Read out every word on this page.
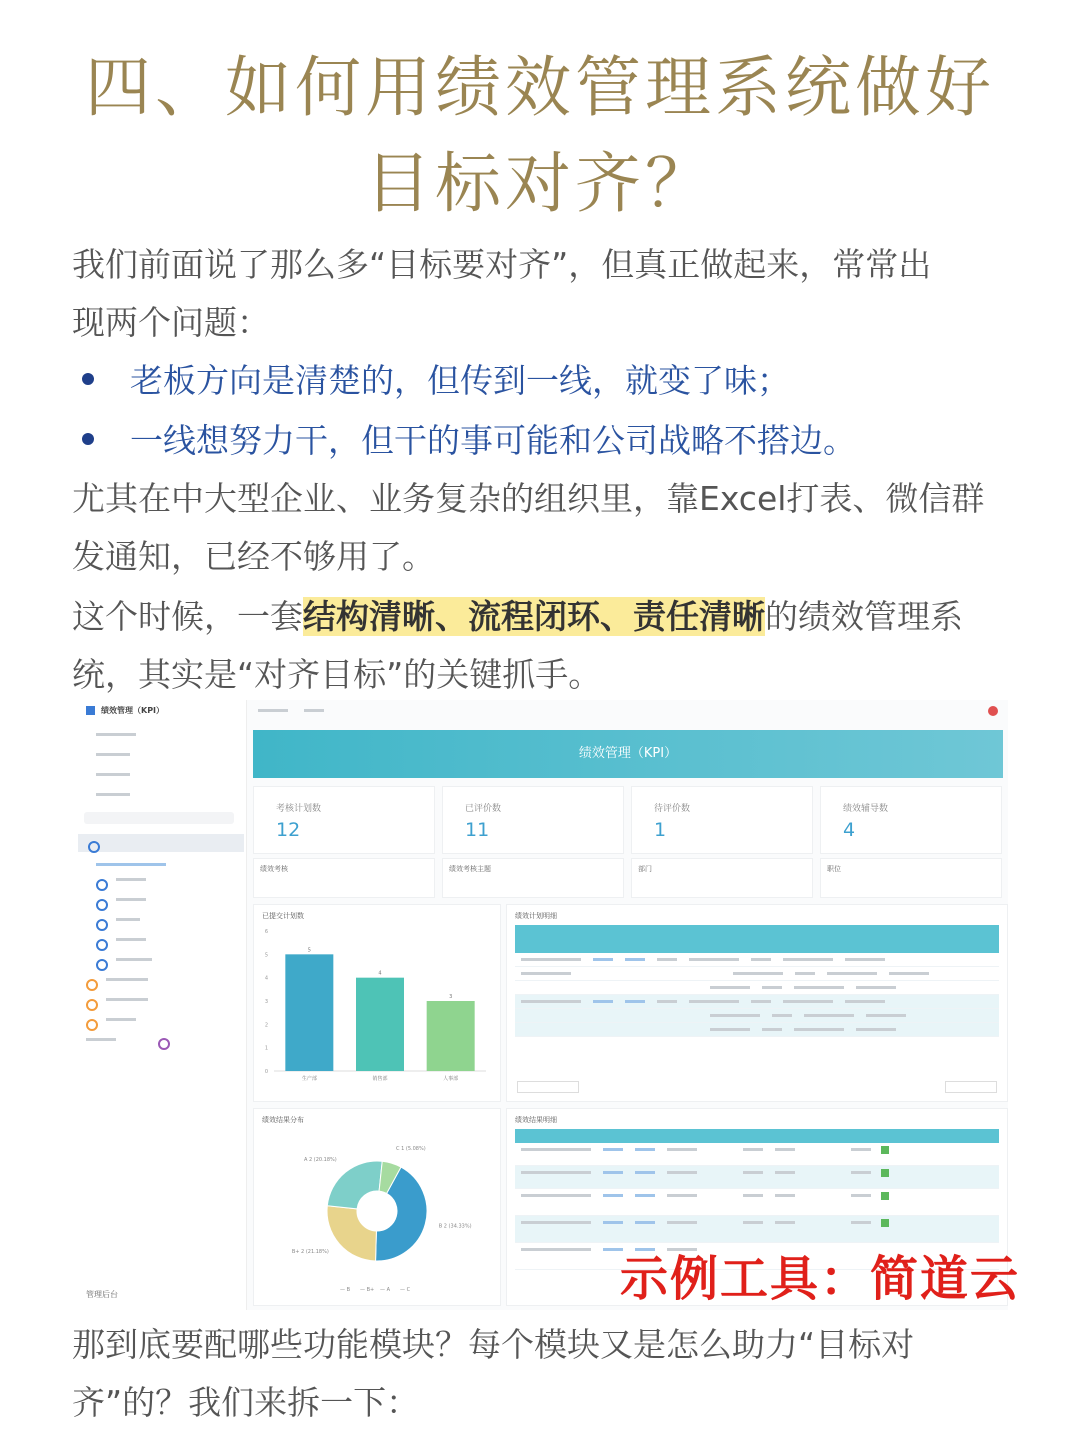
四、如何用绩效管理系统做好
目标对齐？
我们前面说了那么多“目标要对齐”，但真正做起来，常常出
现两个问题：
老板方向是清楚的，但传到一线，就变了味；
一线想努力干，但干的事可能和公司战略不搭边。
尤其在中大型企业、业务复杂的组织里，靠Excel打表、微信群
发通知，已经不够用了。
这个时候，一套结构清晰、流程闭环、责任清晰的绩效管理系
统，其实是“对齐目标”的关键抓手。
绩效管理（KPI）
管理后台
绩效管理（KPI）
考核计划数
12
已评价数
11
待评价数
1
绩效辅导数
4
绩效考核	绩效考核主题	部门	职位
已提交计划数
0
1
2
3
4
5
6
5
生产部
4
销售部
3
人事部
绩效计划明细
绩效结果分布
B 2 (34.33%)
B+ 2 (21.18%)
A 2 (20.18%)
C 1 (5.08%)
— B — B+ — A — C
绩效结果明细
示例工具：简道云
那到底要配哪些功能模块？每个模块又是怎么助力“目标对
齐”的？我们来拆一下：
